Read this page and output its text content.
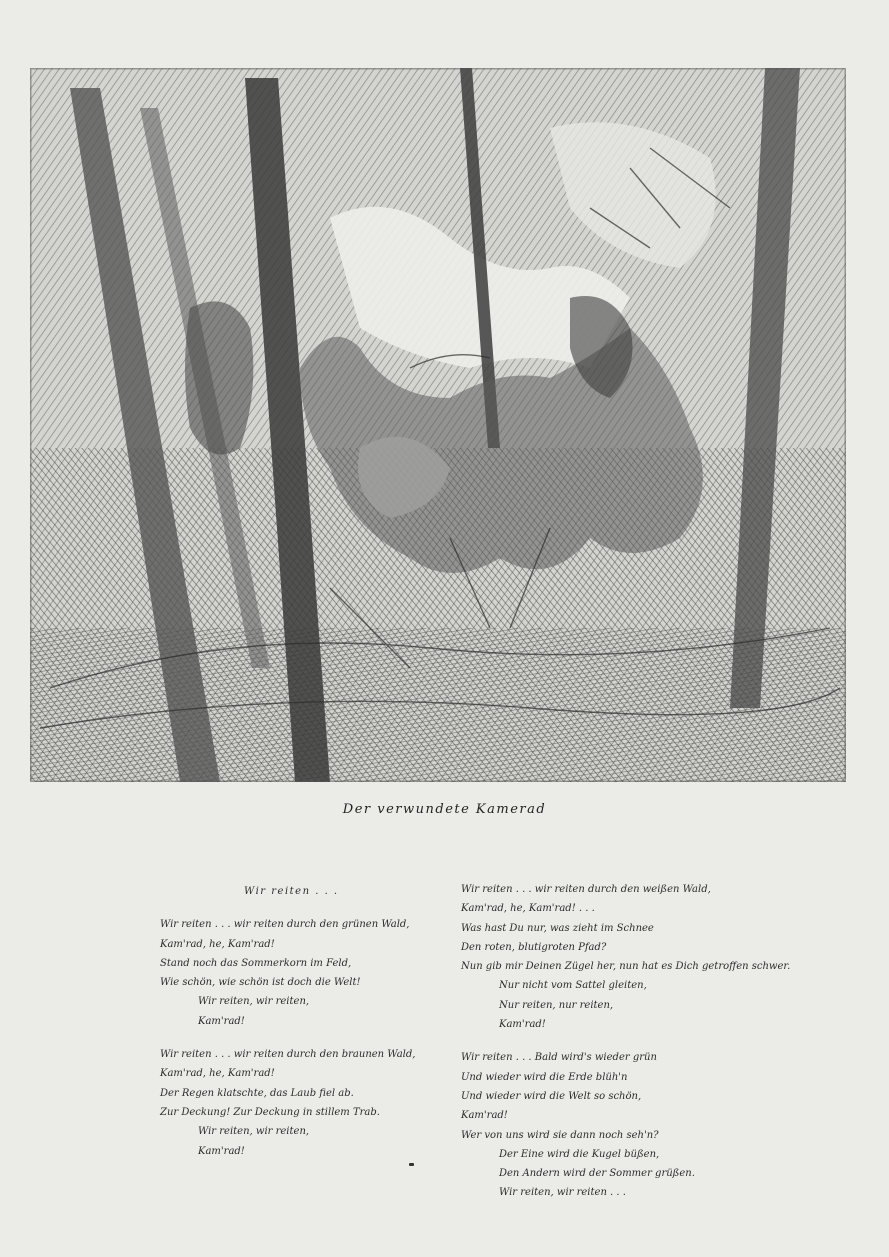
Der verwundete Kamerad
Wir reiten . . .
Wir reiten . . . wir reiten durch den grünen Wald,
Kam'rad, he, Kam'rad!
Stand noch das Sommerkorn im Feld,
Wie schön, wie schön ist doch die Welt!
Wir reiten, wir reiten,
Kam'rad!
Wir reiten . . . wir reiten durch den braunen Wald,
Kam'rad, he, Kam'rad!
Der Regen klatschte, das Laub fiel ab.
Zur Deckung! Zur Deckung in stillem Trab.
Wir reiten, wir reiten,
Kam'rad!
Wir reiten . . . wir reiten durch den weißen Wald,
Kam'rad, he, Kam'rad! . . .
Was hast Du nur, was zieht im Schnee
Den roten, blutigroten Pfad?
Nun gib mir Deinen Zügel her, nun hat es Dich getroffen schwer.
Nur nicht vom Sattel gleiten,
Nur reiten, nur reiten,
Kam'rad!
Wir reiten . . . Bald wird's wieder grün
Und wieder wird die Erde blüh'n
Und wieder wird die Welt so schön,
Kam'rad!
Wer von uns wird sie dann noch seh'n?
Der Eine wird die Kugel büßen,
Den Andern wird der Sommer grüßen.
Wir reiten, wir reiten . . .
